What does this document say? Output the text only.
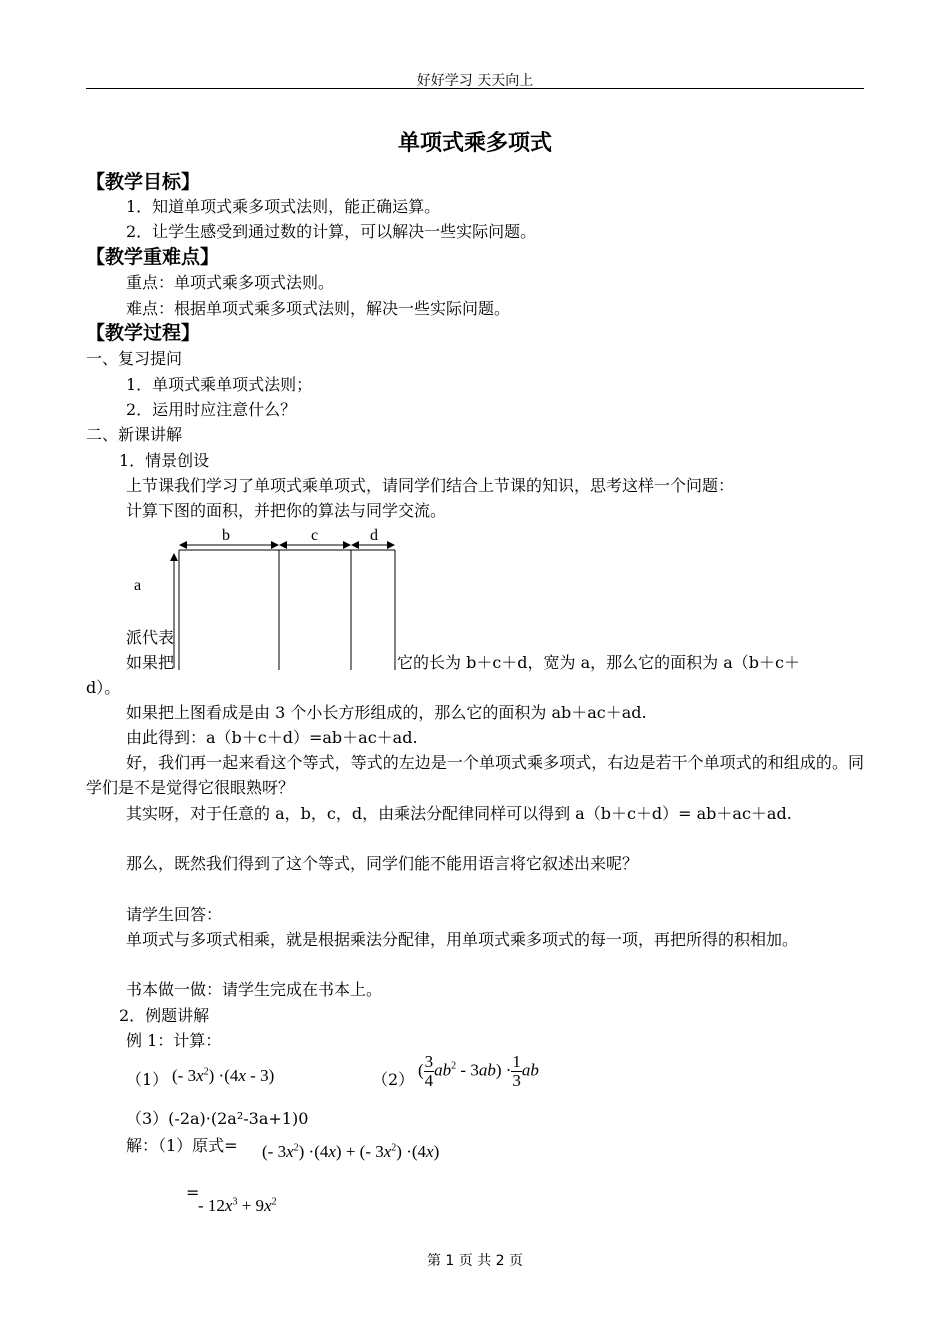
好好学习 天天向上
单项式乘多项式
【教学目标】
1．知道单项式乘多项式法则，能正确运算。
2．让学生感受到通过数的计算，可以解决一些实际问题。
【教学重难点】
重点：单项式乘多项式法则。
难点：根据单项式乘多项式法则，解决一些实际问题。
【教学过程】
一、复习提问
1．单项式乘单项式法则；
2．运用时应注意什么？
二、新课讲解
1．情景创设
上节课我们学习了单项式乘单项式，请同学们结合上节课的知识，思考这样一个问题：
计算下图的面积，并把你的算法与同学交流。
派代表
如果把	它的长为 b＋c＋d，宽为 a，那么它的面积为 a（b＋c＋
d）。
b	c	d
a
如果把上图看成是由 3 个小长方形组成的，那么它的面积为 ab＋ac＋ad.
由此得到：a（b＋c＋d）=ab＋ac＋ad.
好，我们再一起来看这个等式，等式的左边是一个单项式乘多项式，右边是若干个单项式的和组成的。同学们是不是觉得它很眼熟呀？
其实呀，对于任意的 a，b，c，d，由乘法分配律同样可以得到 a（b＋c＋d）= ab＋ac＋ad.
那么，既然我们得到了这个等式，同学们能不能用语言将它叙述出来呢？
请学生回答：
单项式与多项式相乘，就是根据乘法分配律，用单项式乘多项式的每一项，再把所得的积相加。
书本做一做：请学生完成在书本上。
2．例题讲解
例 1：计算：
（1） (- $3x^2) \cdot(4x - 3)$	（2）
( $\frac{3}{4} ab^2 - 3ab) \cdot \frac{1}{3}$ ab
（3）(-2a)·(2a²-3a+1)0
解：（1）原式= (- $3x^2) \cdot(4x)$ + (- $3x^2) \cdot(4x)$
=
- $12x^3 + 9x^2$
第 1 页 共 2 页
